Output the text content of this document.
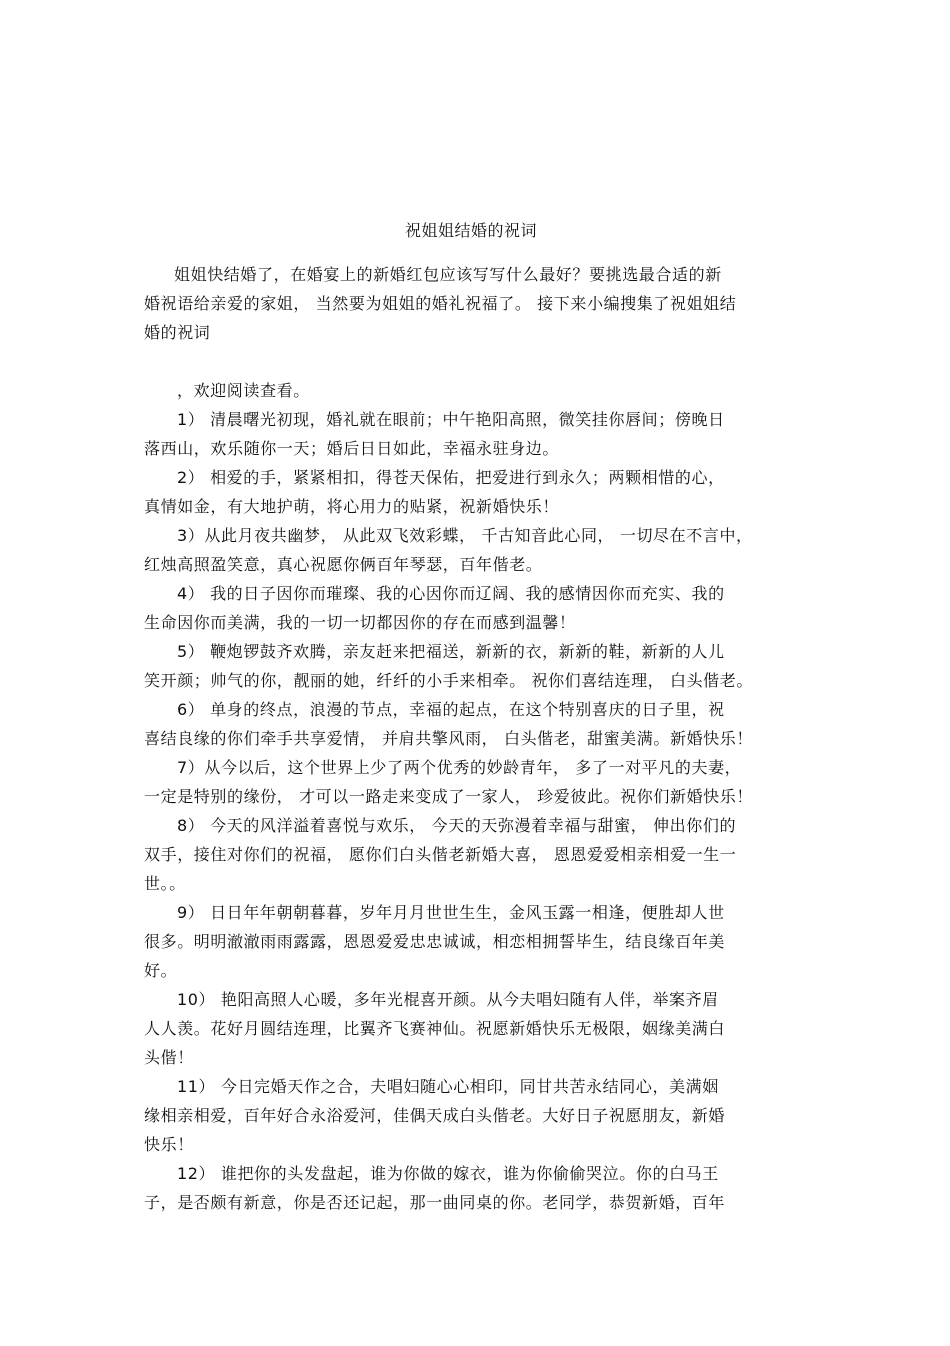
祝姐姐结婚的祝词
姐姐快结婚了，在婚宴上的新婚红包应该写写什么最好？要挑选最合适的新
婚祝语给亲爱的家姐， 当然要为姐姐的婚礼祝福了。 接下来小编搜集了祝姐姐结
婚的祝词
，欢迎阅读查看。
1） 清晨曙光初现，婚礼就在眼前；中午艳阳高照，微笑挂你唇间；傍晚日
落西山，欢乐随你一天；婚后日日如此，幸福永驻身边。
2） 相爱的手，紧紧相扣，得苍天保佑，把爱进行到永久；两颗相惜的心，
真情如金，有大地护萌，将心用力的贴紧，祝新婚快乐！
3）从此月夜共幽梦， 从此双飞效彩蝶， 千古知音此心同， 一切尽在不言中，
红烛高照盈笑意，真心祝愿你俩百年琴瑟，百年偕老。
4） 我的日子因你而璀璨、我的心因你而辽阔、我的感情因你而充实、我的
生命因你而美满，我的一切一切都因你的存在而感到温馨！
5） 鞭炮锣鼓齐欢腾，亲友赶来把福送，新新的衣，新新的鞋，新新的人儿
笑开颜；帅气的你，靓丽的她，纤纤的小手来相牵。 祝你们喜结连理， 白头偕老。
6） 单身的终点，浪漫的节点，幸福的起点，在这个特别喜庆的日子里，祝
喜结良缘的你们牵手共享爱情， 并肩共擎风雨， 白头偕老，甜蜜美满。新婚快乐！
7）从今以后，这个世界上少了两个优秀的妙龄青年， 多了一对平凡的夫妻，
一定是特别的缘份， 才可以一路走来变成了一家人， 珍爱彼此。祝你们新婚快乐！
8） 今天的风洋溢着喜悦与欢乐， 今天的天弥漫着幸福与甜蜜， 伸出你们的
双手，接住对你们的祝福， 愿你们白头偕老新婚大喜， 恩恩爱爱相亲相爱一生一
世。。
9） 日日年年朝朝暮暮，岁年月月世世生生，金风玉露一相逢，便胜却人世
很多。明明澈澈雨雨露露，恩恩爱爱忠忠诚诚，相恋相拥誓毕生，结良缘百年美
好。
10） 艳阳高照人心暖，多年光棍喜开颜。从今夫唱妇随有人伴，举案齐眉
人人羡。花好月圆结连理，比翼齐飞赛神仙。祝愿新婚快乐无极限，姻缘美满白
头偕！
11） 今日完婚天作之合，夫唱妇随心心相印，同甘共苦永结同心，美满姻
缘相亲相爱，百年好合永浴爱河，佳偶天成白头偕老。大好日子祝愿朋友，新婚
快乐！
12） 谁把你的头发盘起，谁为你做的嫁衣，谁为你偷偷哭泣。你的白马王
子，是否颇有新意，你是否还记起，那一曲同桌的你。老同学，恭贺新婚，百年
